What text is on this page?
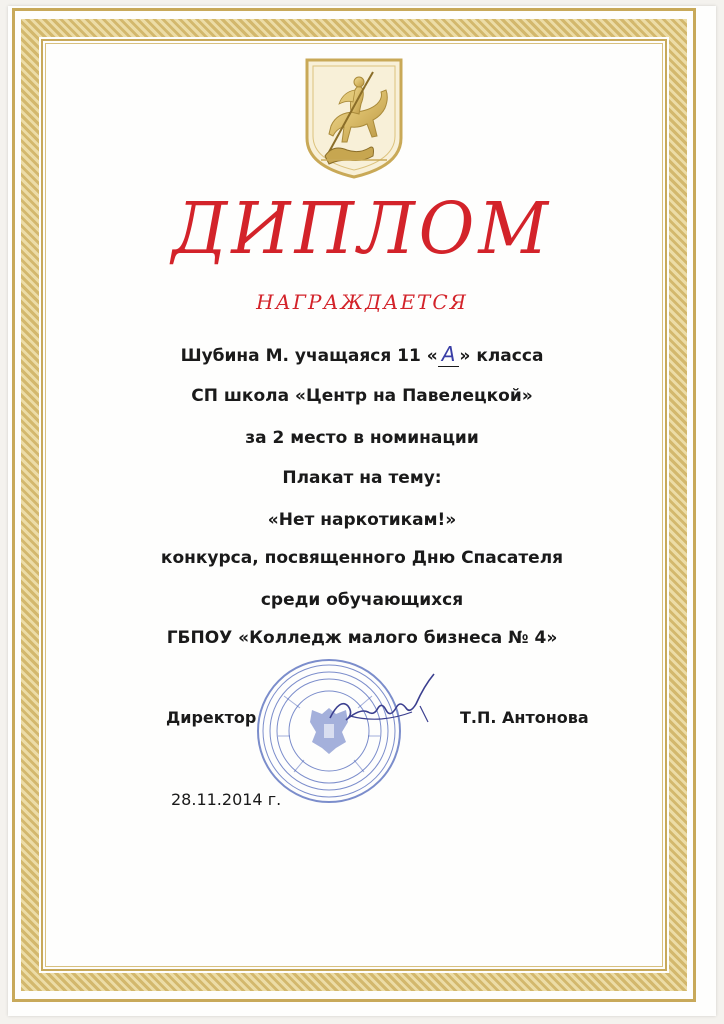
ДИПЛОМ
НАГРАЖДАЕТСЯ
Шубина М. учащаяся 11 « А » класса
СП школа «Центр на Павелецкой»
за 2 место в номинации
Плакат на тему:
«Нет наркотикам!»
конкурса, посвященного Дню Спасателя
среди обучающихся
ГБПОУ «Колледж малого бизнеса № 4»
Директор	Т.П. Антонова
28.11.2014 г.
